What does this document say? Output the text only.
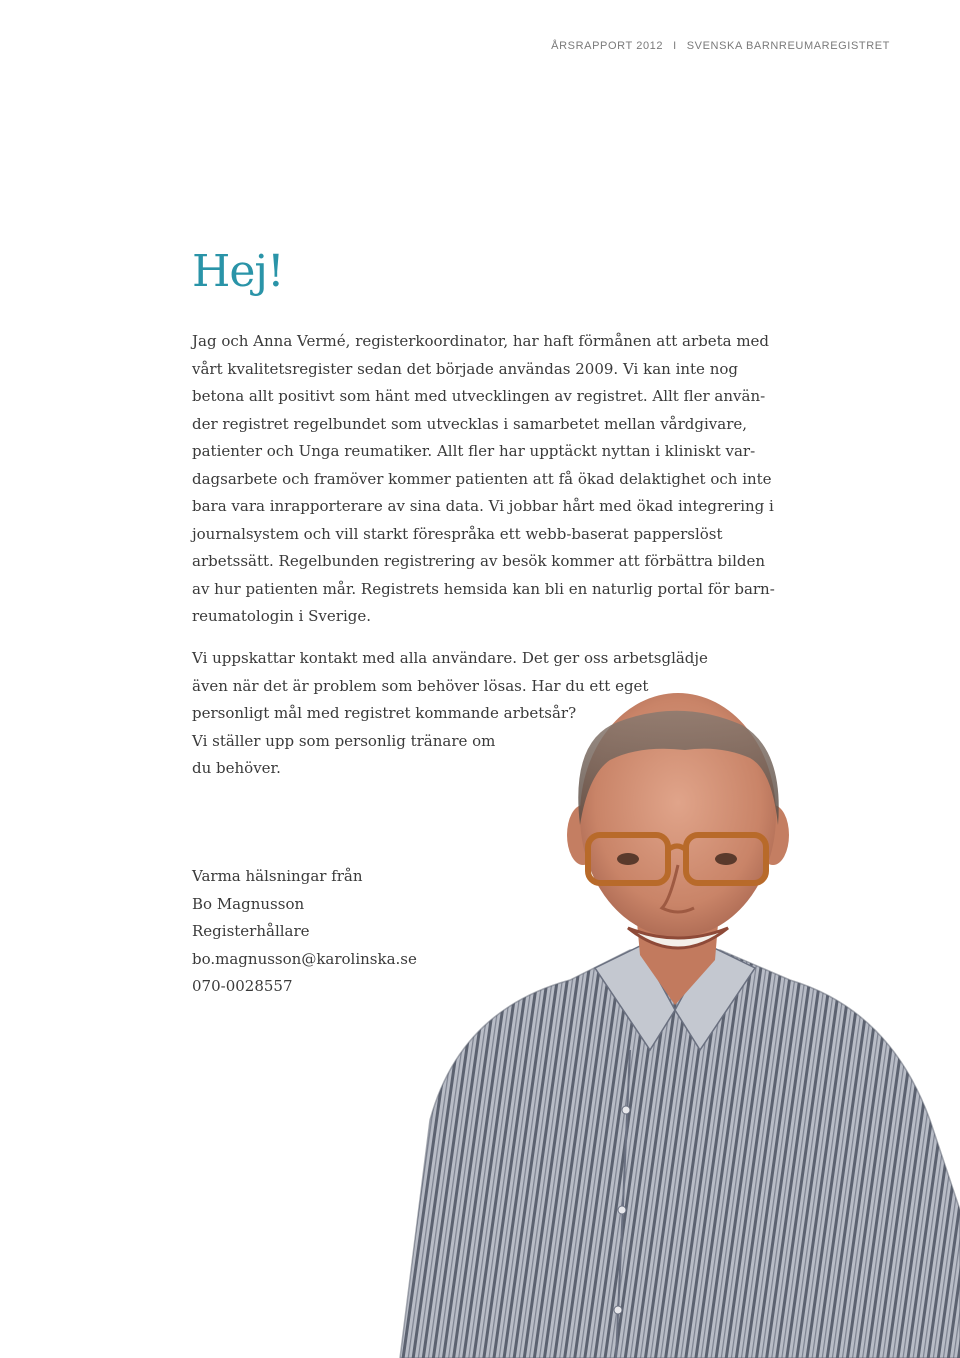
ÅRSRAPPORT 2012 I SVENSKA BARNREUMAREGISTRET
Hej!
Jag och Anna Vermé, registerkoordinator, har haft förmånen att arbeta med
vårt kvalitetsregister sedan det började användas 2009. Vi kan inte nog
betona allt positivt som hänt med utvecklingen av registret. Allt fler använ-
der registret regelbundet som utvecklas i samarbetet mellan vårdgivare,
patienter och Unga reumatiker. Allt fler har upptäckt nyttan i kliniskt var-
dagsarbete och framöver kommer patienten att få ökad delaktighet och inte
bara vara inrapporterare av sina data. Vi jobbar hårt med ökad integrering i
journalsystem och vill starkt förespråka ett webb-baserat papperslöst
arbetssätt. Regelbunden registrering av besök kommer att förbättra bilden
av hur patienten mår. Registrets hemsida kan bli en naturlig portal för barn-
reumatologin i Sverige.
Vi uppskattar kontakt med alla användare. Det ger oss arbetsglädje
även när det är problem som behöver lösas. Har du ett eget
personligt mål med registret kommande arbetsår?
Vi ställer upp som personlig tränare om
du behöver.
Varma hälsningar från
Bo Magnusson
Registerhållare
bo.magnusson@karolinska.se
070-0028557
